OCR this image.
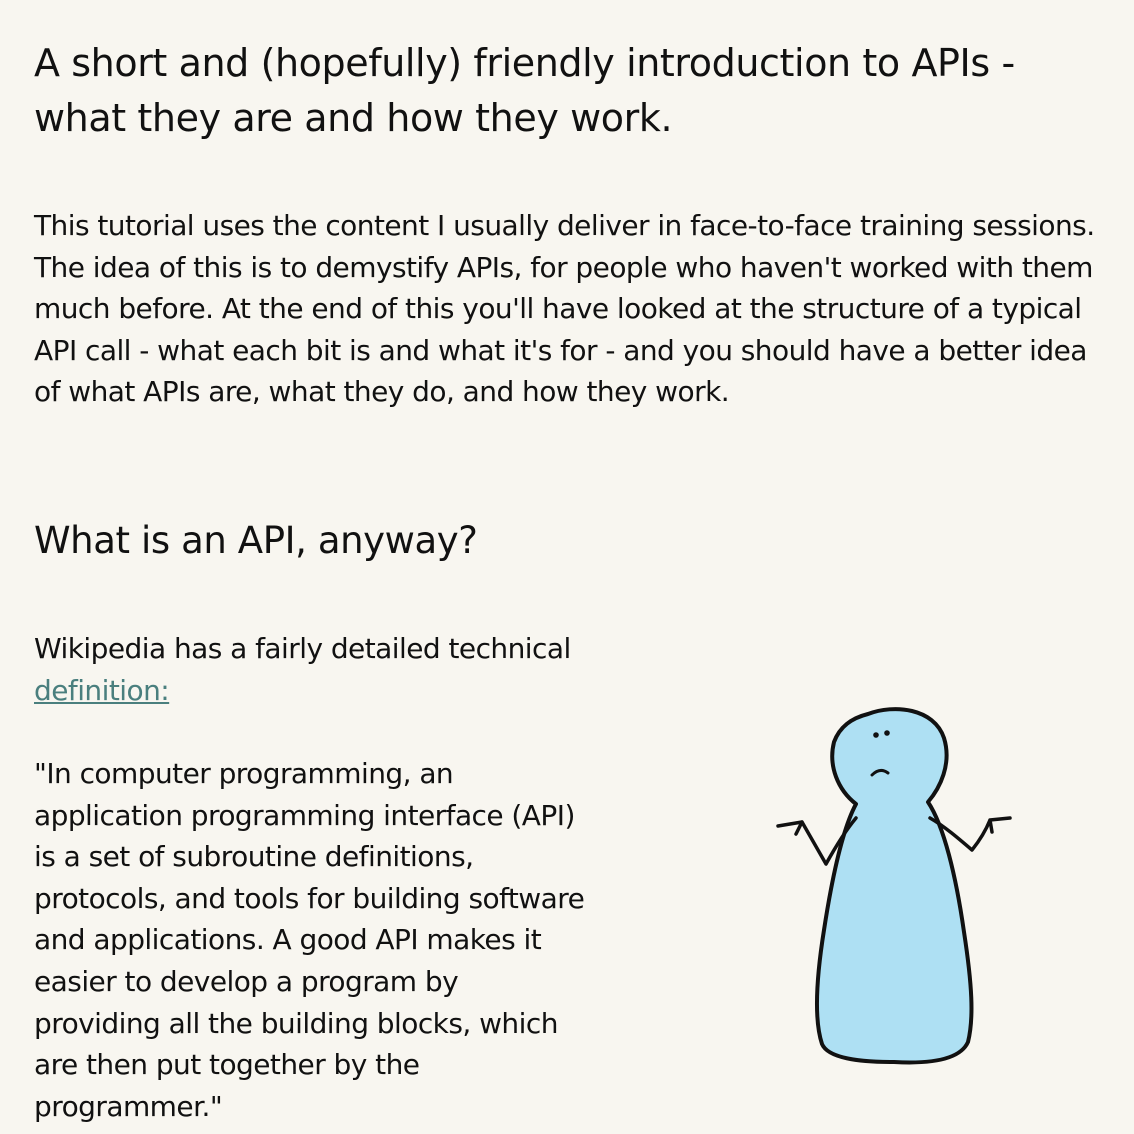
A short and (hopefully) friendly introduction to APIs - what they are and how they work.

This tutorial uses the content I usually deliver in face-to-face training sessions. The idea of this is to demystify APIs, for people who haven't worked with them much before. At the end of this you'll have looked at the structure of a typical API call - what each bit is and what it's for - and you should have a better idea of what APIs are, what they do, and how they work.

What is an API, anyway?

Wikipedia has a fairly detailed technical definition:

"In computer programming, an application programming interface (API) is a set of subroutine definitions, protocols, and tools for building software and applications. A good API makes it easier to develop a program by providing all the building blocks, which are then put together by the programmer."
